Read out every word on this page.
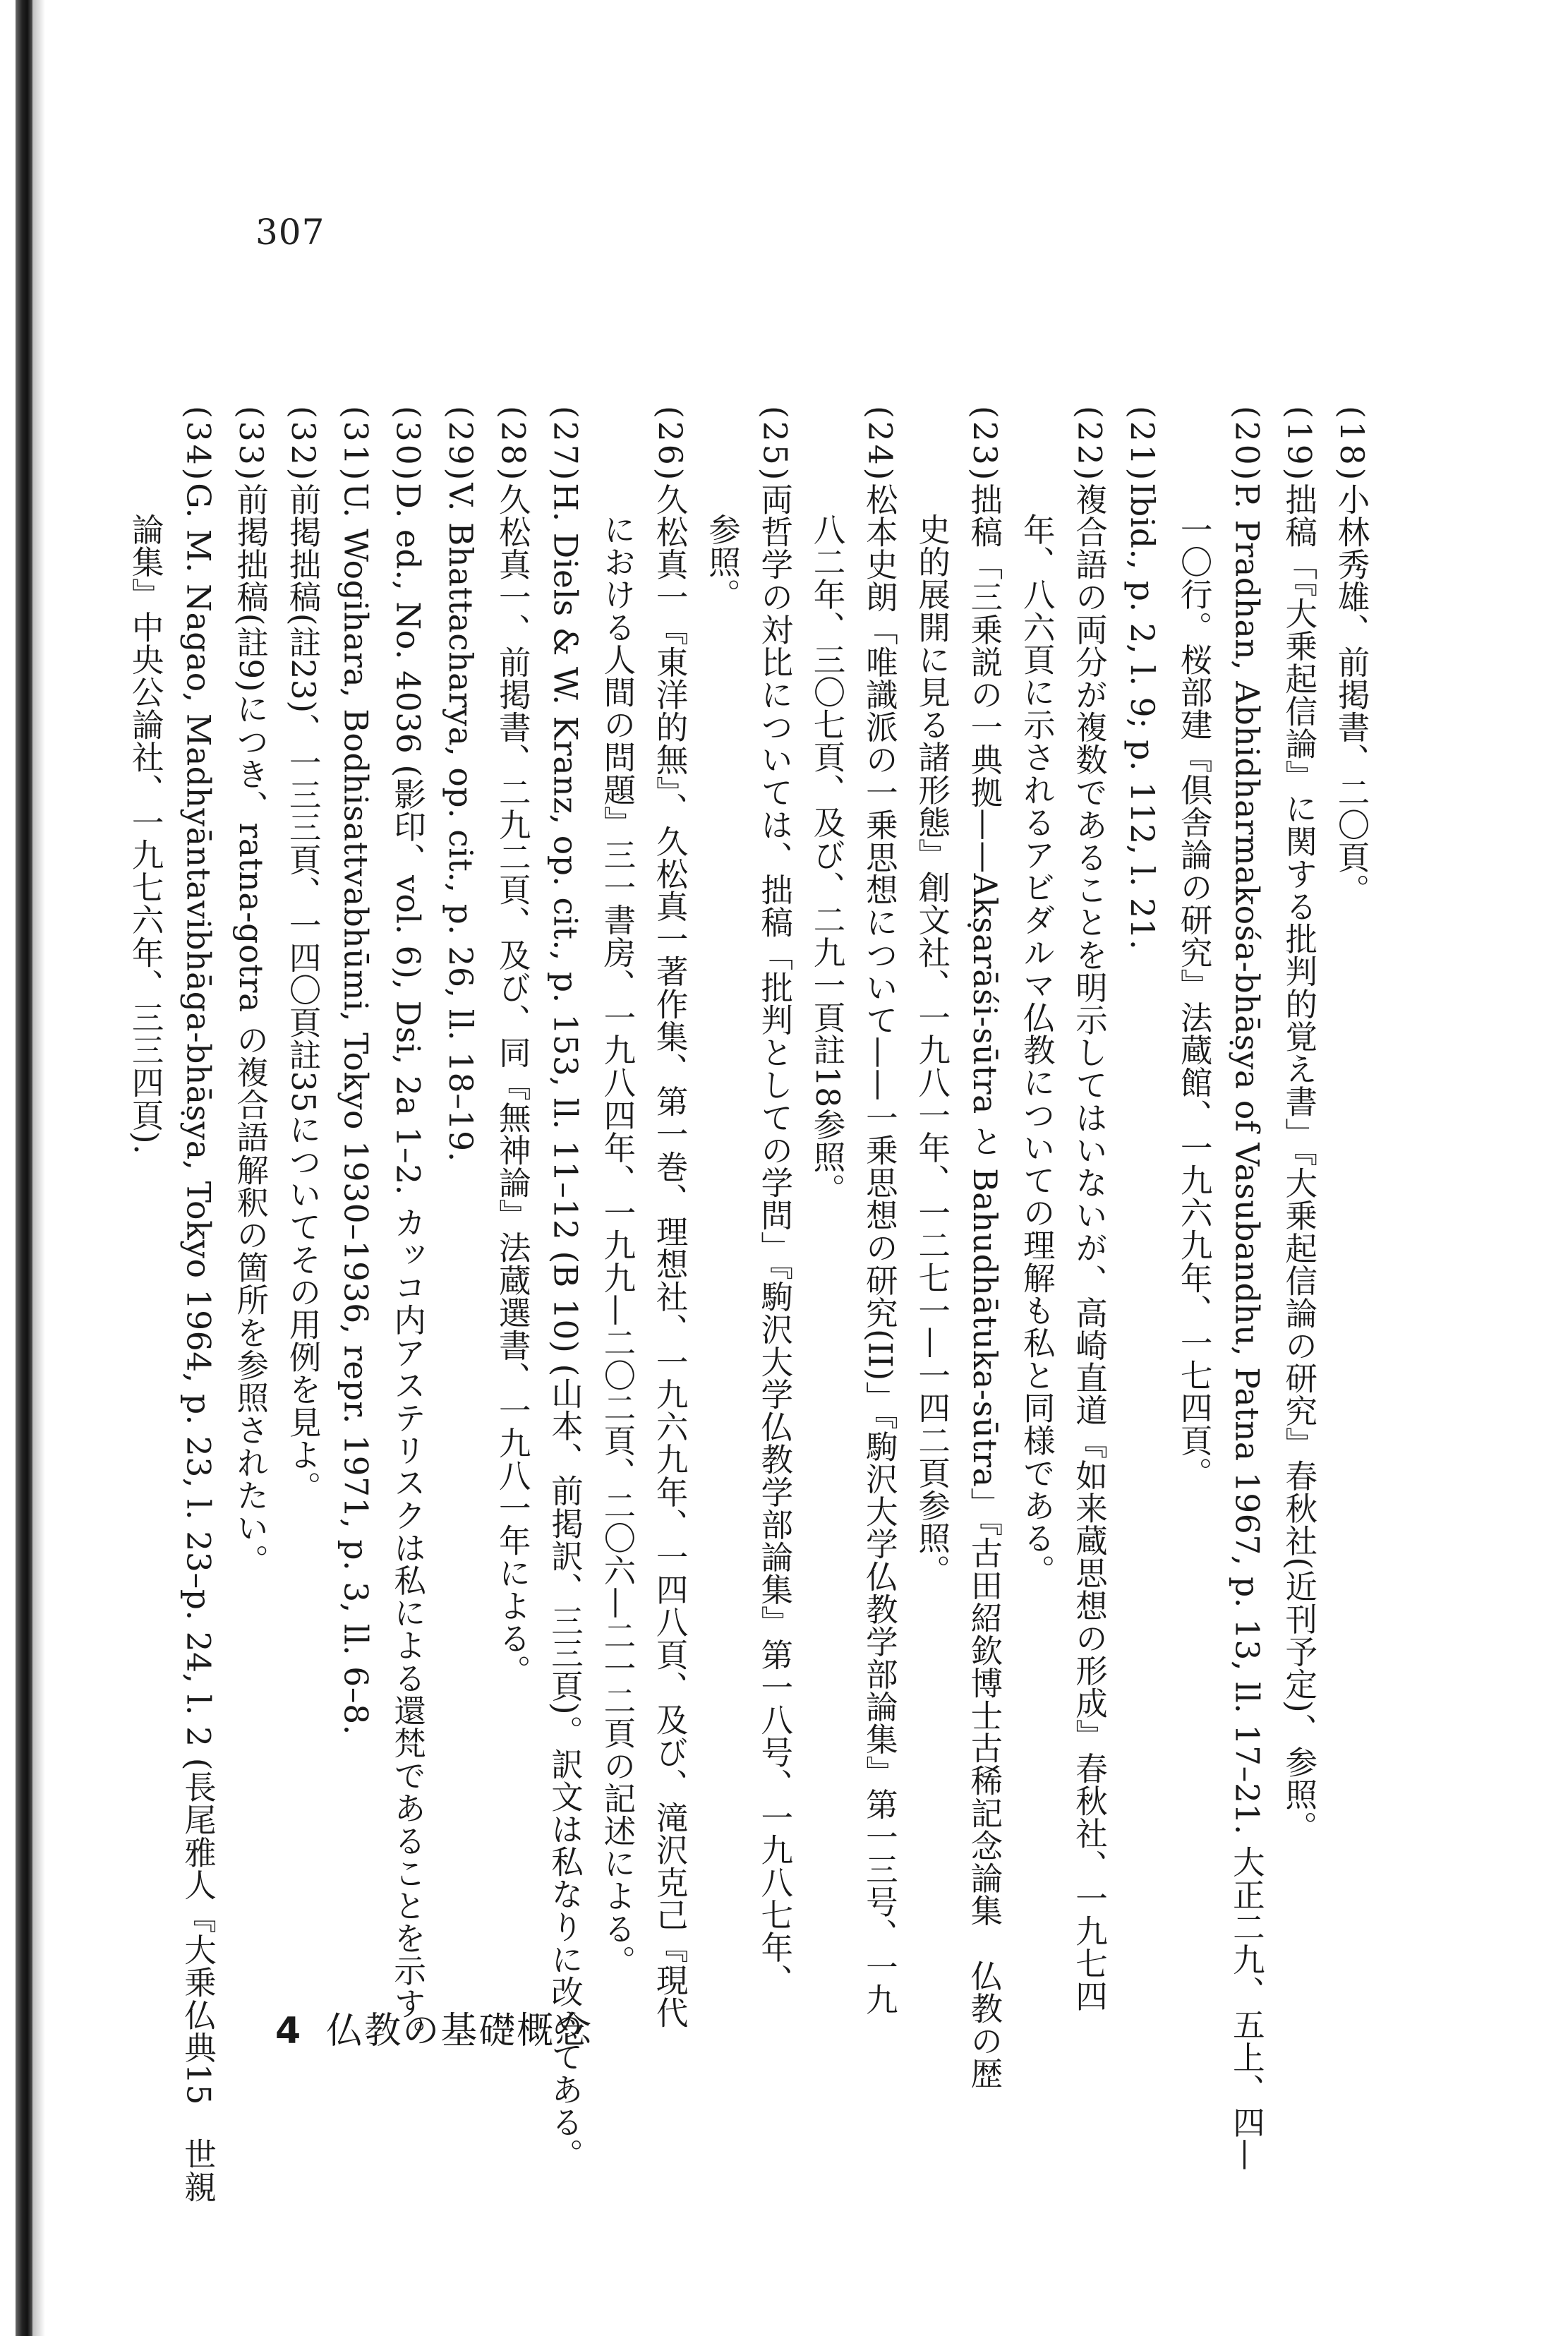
307
(18)小林秀雄、前掲書、二〇頁。
(19)拙稿「『大乗起信論』に関する批判的覚え書」『大乗起信論の研究』春秋社(近刊予定)、参照。
(20)P. Pradhan, Abhidharmakośa-bhāṣya of Vasubandhu, Patna 1967, p. 13, ll. 17–21. 大正二九、五上、四—
一〇行。桜部建『倶舎論の研究』法蔵館、一九六九年、一七四頁。
(21)Ibid., p. 2, l. 9; p. 112, l. 21.
(22)複合語の両分が複数であることを明示してはいないが、高崎直道『如来蔵思想の形成』春秋社、一九七四
年、八六頁に示されるアビダルマ仏教についての理解も私と同様である。
(23)拙稿「三乗説の一典拠——Akṣarāśi-sūtra と Bahudhātuka-sūtra」『古田紹欽博士古稀記念論集　仏教の歴
史的展開に見る諸形態』創文社、一九八一年、一二七一—一四二頁参照。
(24)松本史朗「唯識派の一乗思想について——一乗思想の研究(II)」『駒沢大学仏教学部論集』第一三号、一九
八二年、三〇七頁、及び、二九一頁註18参照。
(25)両哲学の対比については、拙稿「批判としての学問」『駒沢大学仏教学部論集』第一八号、一九八七年、
参照。
(26)久松真一『東洋的無』、久松真一著作集、第一巻、理想社、一九六九年、一四八頁、及び、滝沢克己『現代
における人間の問題』三一書房、一九八四年、一九九—二〇二頁、二〇六—二一二頁の記述による。
(27)H. Diels & W. Kranz, op. cit., p. 153, ll. 11–12 (B 10) (山本、前掲訳、三三頁)。訳文は私なりに改めてある。
(28)久松真一、前掲書、二九二頁、及び、同『無神論』法蔵選書、一九八一年による。
(29)V. Bhattacharya, op. cit., p. 26, ll. 18–19.
(30)D. ed., No. 4036 (影印、vol. 6), Dsi, 2a 1–2. カッコ内アステリスクは私による還梵であることを示す。
(31)U. Wogihara, Bodhisattvabhūmi, Tokyo 1930–1936, repr. 1971, p. 3, ll. 6–8.
(32)前掲拙稿(註23)、一三三頁、一四〇頁註35についてその用例を見よ。
(33)前掲拙稿(註9)につき、ratna-gotra の複合語解釈の箇所を参照されたい。
(34)G. M. Nagao, Madhyāntavibhāga-bhāṣya, Tokyo 1964, p. 23, l. 23–p. 24, l. 2 (長尾雅人『大乗仏典15　世親
論集』中央公論社、一九七六年、三三四頁).
4 仏教の基礎概念
